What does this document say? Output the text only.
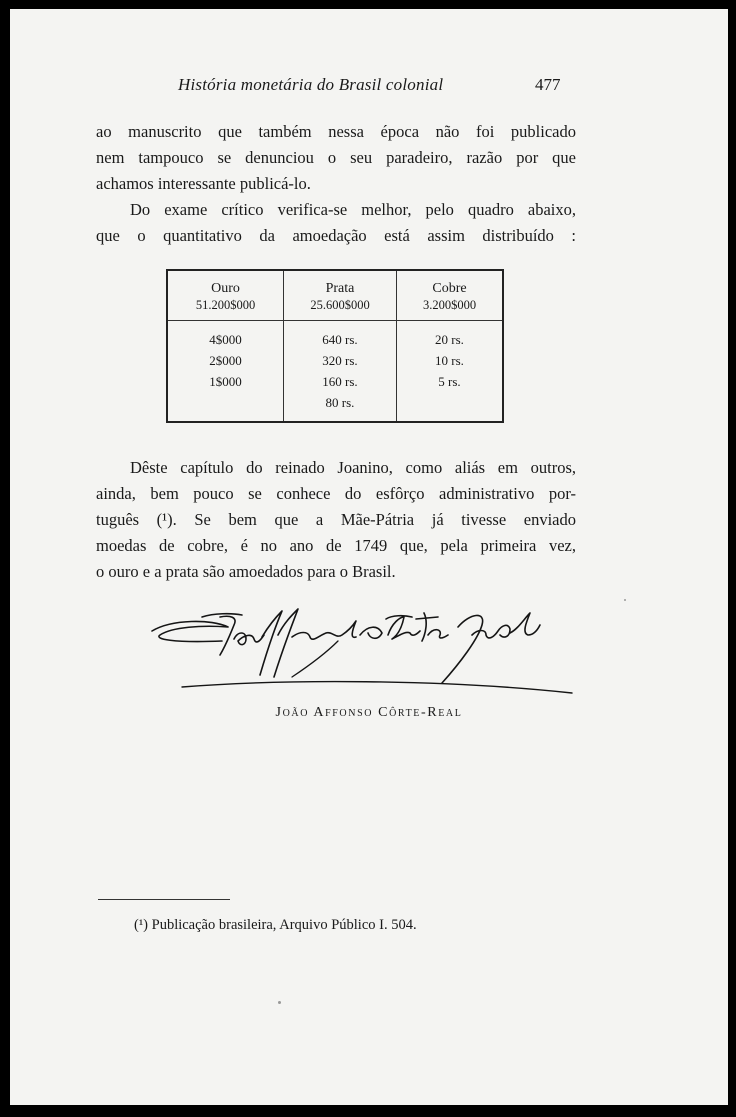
História monetária do Brasil colonial	477
ao manuscrito que também nessa época não foi publicado
nem tampouco se denunciou o seu paradeiro, razão por que
achamos interessante publicá-lo.
Do exame crítico verifica-se melhor, pelo quadro abaixo,
que o quantitativo da amoedação está assim distribuído :
Ouro
51.200$000
4$000
2$000
1$000
Prata
25.600$000
640 rs.
320 rs.
160 rs.
80 rs.
Cobre
3.200$000
20 rs.
10 rs.
5 rs.
Dêste capítulo do reinado Joanino, como aliás em outros,
ainda, bem pouco se conhece do esfôrço administrativo por-
tuguês (¹). Se bem que a Mãe-Pátria já tivesse enviado
moedas de cobre, é no ano de 1749 que, pela primeira vez,
o ouro e a prata são amoedados para o Brasil.
João Affonso Côrte-Real
(¹) Publicação brasileira, Arquivo Público I. 504.
